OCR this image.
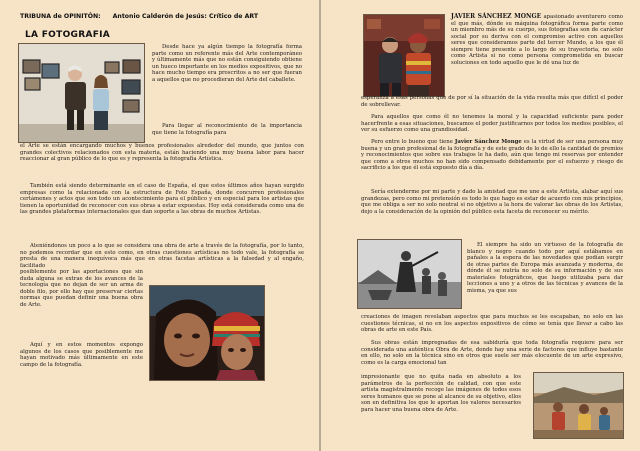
TRIBUNA de OPINITÓN: Antonio Calderón de Jesús: Crítico de ART
LA FOTOGRAFIA
Desde hace ya algún tiempo la fotografía forma parte como un referente más del Arte contemporáneo y últimamente más que no están consiguiendo obtiene un hueco importante en los medios expositivos, que no hace mucho tiempo era proscritos a no ser que fueran a aquellos que no procedieran del Arte del caballete.
Para llegar al reconocimiento de la importancia que tiene la fotografía para
el Arte se están encargando muchos y buenos profesionales alrededor del mundo, que juntos con grandes colectivos relacionados con esta materia, están haciendo una muy buena labor para hacer reaccionar al gran público de lo que es y representa la fotografía Artística.
También está siendo determinante en el caso de España, el que estos últimos años hayan surgido empresas como la relacionada con la estructura de Foto España, donde concurren profesionales certámenes y actos que son todo un acontecimiento para el público y en especial para los artistas que tienen la oportunidad de reconocer con sus obras a estar expuestas. Hoy está considerada como una de las grandes plataformas internacionales que dan soporte a las obras de muchos Artistas.
Ateniéndonos un poco a lo que se considera una obra de arte a través de la fotografía, por lo tanto, no podemos recordar que en esto como, en otras cuestiones artísticas no todo vale, la fotografía se presta de una manera inequívoca más que en otras facetas artísticas a la falsedad y al engaño, facilitado
posiblemente por las aportaciones que sin duda alguna se extrae de los avances de la tecnología que no dejan de ser un arma de doble filo, por ello hay que preservar ciertas normas que puedan definir una buena obra de Arte.
Aquí y en estos momentos expongo algunos de los casos que posiblemente me hayan motivado más últimamente en este campo de la fotografía.
JAVIER SÁNCHEZ MONGE apasionado aventurero como el que más, dónde su máquina fotográfica forma parte como un miembro más de su cuerpo, sus fotografías son de carácter social por su deriva con el compromiso activo con aquellos seres que consideramos parte del tercer Mundo, a los que él siempre tiene presente a lo largo de su trayectoria, no solo como Artista si no como persona comprometida en buscar soluciones en todo aquello que le dé una luz de
esperanza a esas personas que de por sí la situación de la vida resulta más que difícil el poder de sobrellevar.
Para aquellos que como él no tenemos la moral y la capacidad suficiente para poder hacerfrente a esas situaciones, buscamos el poder justificarnos por todos los medios posibles, el ver su esfuerzo como una grandiosidad.
Pero entre lo bueno que tiene Javier Sánchez Monge es la virtud de ser una persona muy buena y un gran profesional de la fotografía y de este grado de lo de ello la cantidad de premios y reconocimientos que sobre sus trabajos le ha dado, aún que tengo mi reservas por entender que como a otros muchos no han sido compensado debidamente por el esfuerzo y riesgo de sacrificio a los que él está expuesto día a día.
Sería extenderme por mi parte y dado la amistad que me une a este Artista, alabar aquí sus grandezas, pero como mi pretensión es todo lo que hago es estar de acuerdo con mis principios, que me obliga a ser no solo neutral si no objetivo a la hora de valorar las obras de los Artistas, dejo a la consideración de la opinión del público esta faceta de reconocer su mérito.
El siempre ha sido un virtuoso de la fotografía de blanco y negro cuando todo por aquí estábamos en pañales a la espera de las novedades que podían surgir de otras partes de Europa más avanzada y moderna, de dónde él se nutría no solo de su información y de sus materiales fotográficos, que luego utilizaba para dar lecciones a uno y a otros de las técnicas y avances de la misma, ya que sus
creaciones de imagen revelaban aspectos que para muchos se les escapaban, no solo en las cuestiones técnicas, si no en los aspectos expositivos de cómo se tenía que llevar a cabo las obras de arte en este País.
Sus obras están impregnadas de esa sabiduría que toda fotografía requiere para ser considerada una auténtica Obra de Arte, donde hay una serie de factores que influye bastante en ello, no solo en la técnica sino en otros que suele ser más elocuente de un arte expresivo, como es la carga emocional tan
impresionante que no quita nada en absoluto a los parámetros de la perfección de calidad, con que este artista magistralmente recoge las imágenes de todos esos seres humanos que se pone al alcance de su objetivo, ellos son en definitiva los que le aportan los valores necesarios para hacer una buena obra de Arte.
